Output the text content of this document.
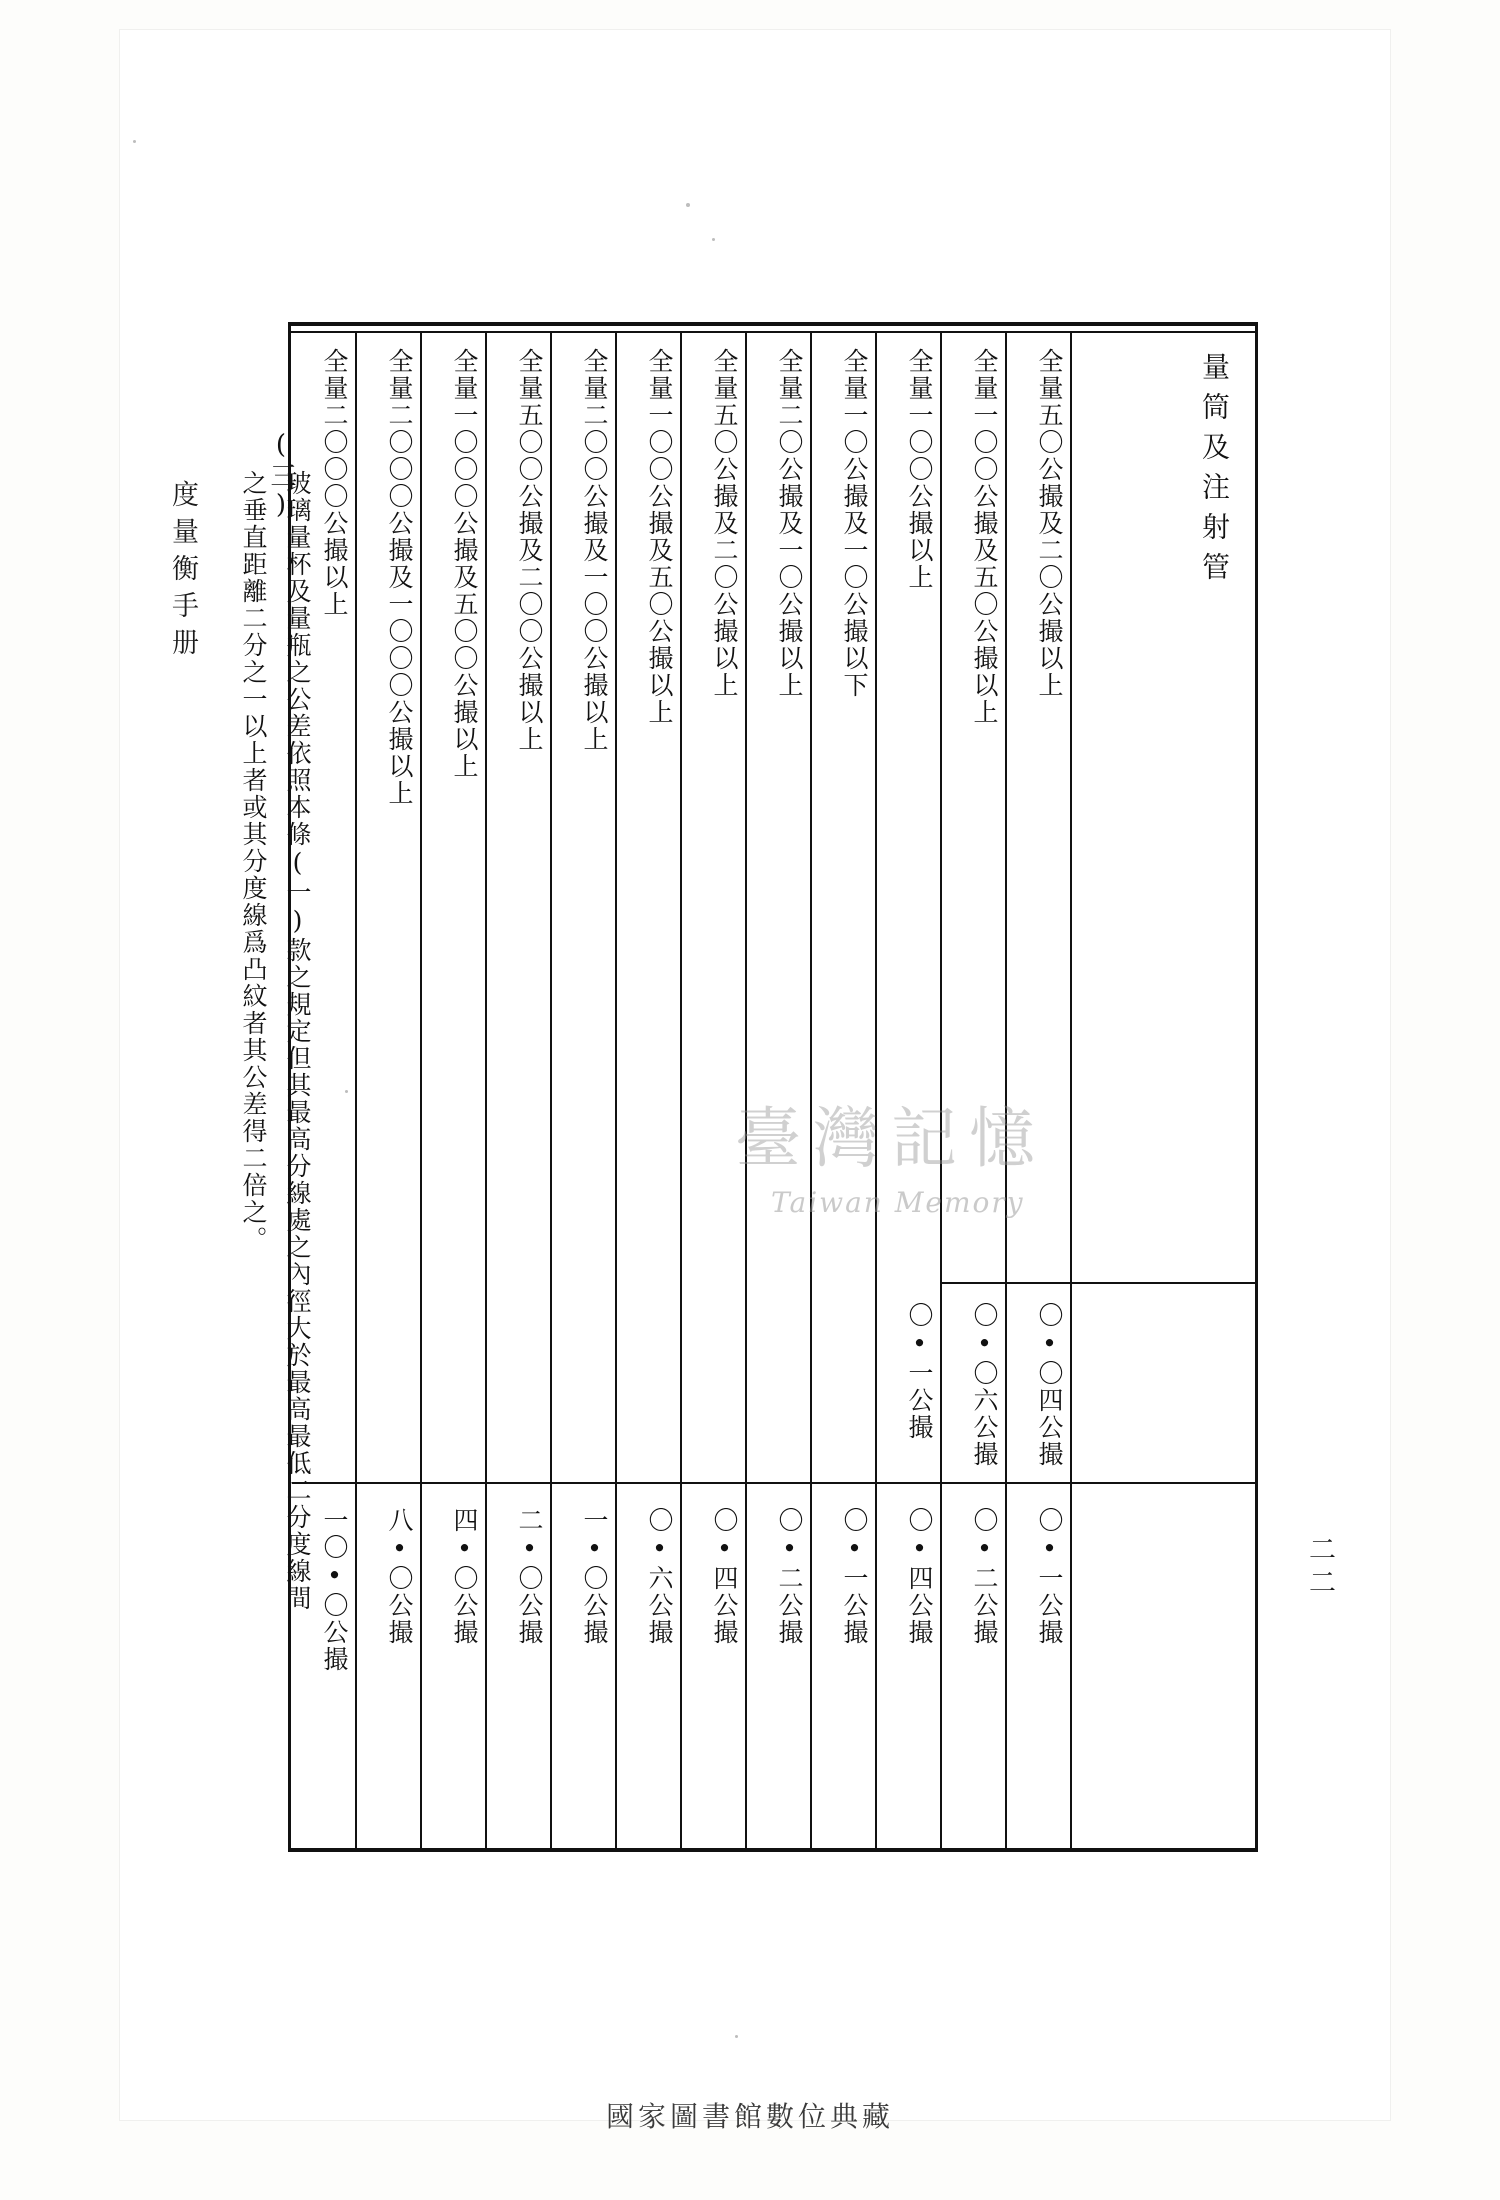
度量衡手册
二二
量筒及注射管
全量五〇公撮及二〇公撮以上
〇•〇四公撮
〇•一公撮
全量一〇〇公撮及五〇公撮以上
〇•〇六公撮
〇•二公撮
全量一〇〇公撮以上
〇•一公撮
〇•四公撮
全量一〇公撮及一〇公撮以下
〇•一公撮
全量二〇公撮及一〇公撮以上
〇•二公撮
全量五〇公撮及二〇公撮以上
〇•四公撮
全量一〇〇公撮及五〇公撮以上
〇•六公撮
全量二〇〇公撮及一〇〇公撮以上
一•〇公撮
全量五〇〇公撮及二〇〇公撮以上
二•〇公撮
全量一〇〇〇公撮及五〇〇公撮以上
四•〇公撮
全量二〇〇〇公撮及一〇〇〇公撮以上
八•〇公撮
全量二〇〇〇公撮以上
一〇•〇公撮
(三)
玻璃量杯及量瓶之公差依照本條(一)款之規定但其最高分線處之內徑大於最高最低二分度線間
之垂直距離二分之一以上者或其分度線爲凸紋者其公差得二倍之。	臺灣記憶
Taiwan Memory
國家圖書館數位典藏
